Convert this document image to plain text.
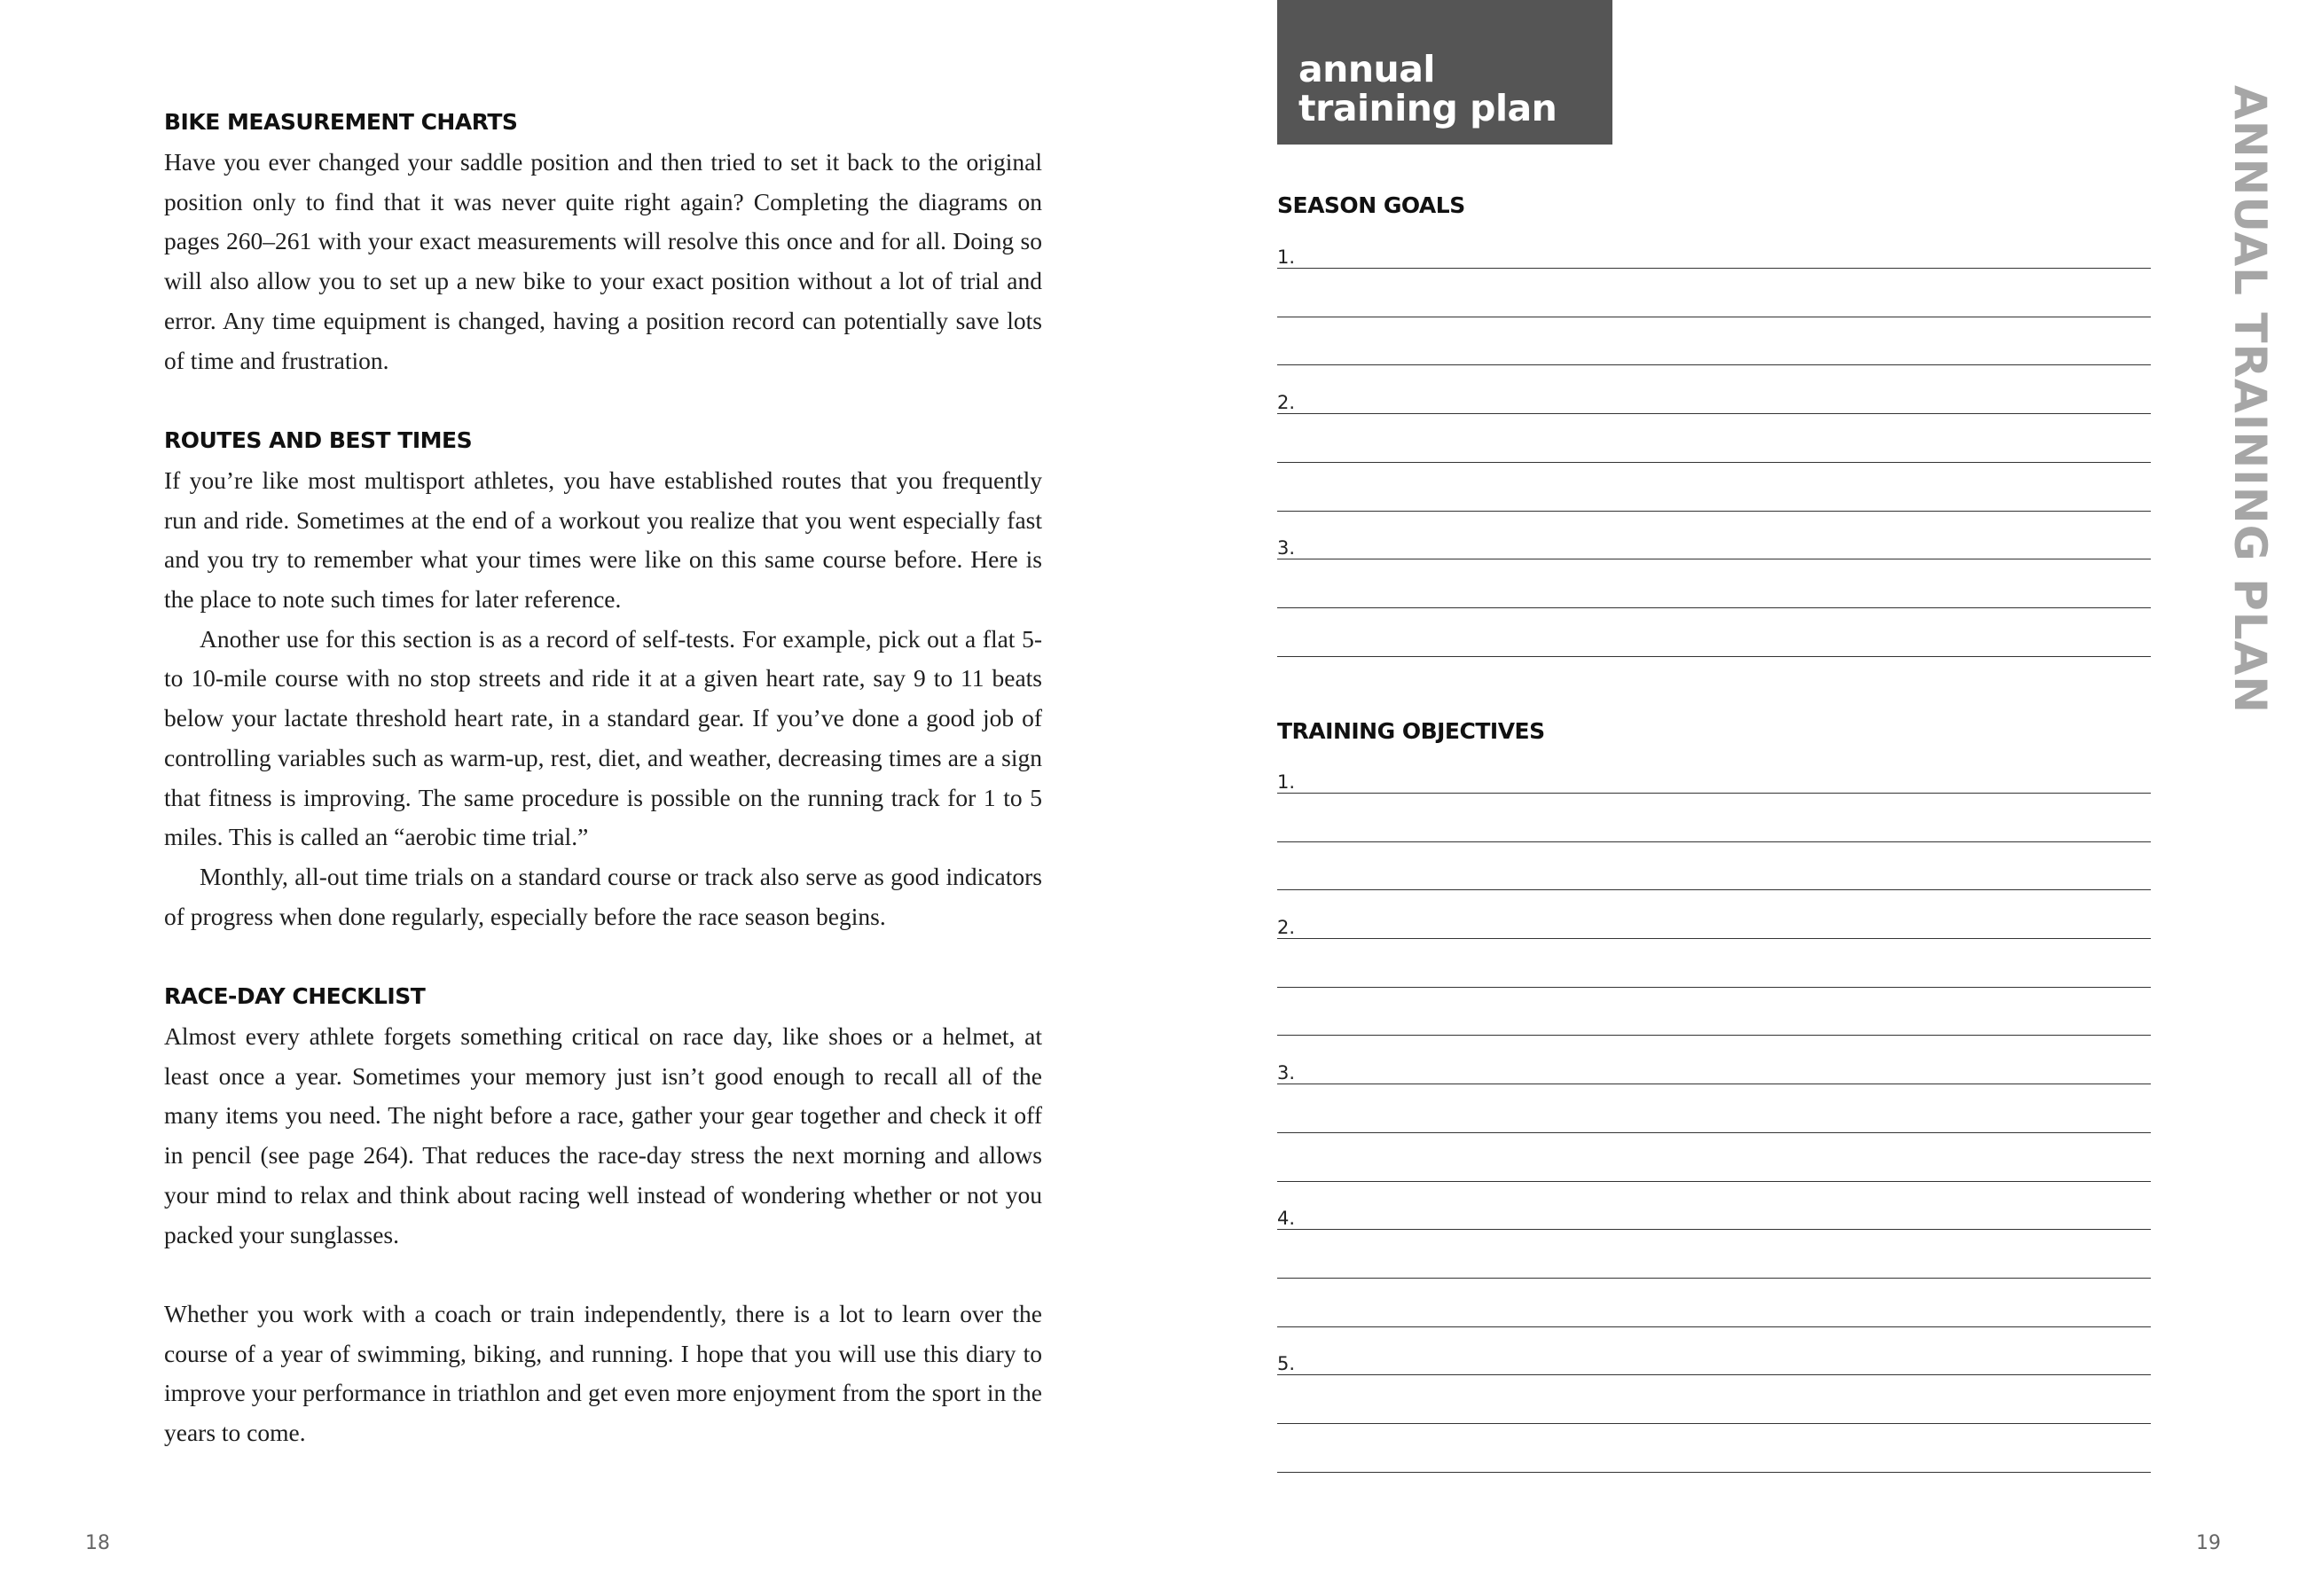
BIKE MEASUREMENT CHARTS

Have you ever changed your saddle position and then tried to set it back to the original position only to find that it was never quite right again? Completing the diagrams on pages 260–261 with your exact measurements will resolve this once and for all. Doing so will also allow you to set up a new bike to your exact position without a lot of trial and error. Any time equipment is changed, having a position record can potentially save lots of time and frustration.

ROUTES AND BEST TIMES

If you’re like most multisport athletes, you have established routes that you frequently run and ride. Sometimes at the end of a workout you realize that you went especially fast and you try to remember what your times were like on this same course before. Here is the place to note such times for later reference.

Another use for this section is as a record of self-tests. For example, pick out a flat 5- to 10-mile course with no stop streets and ride it at a given heart rate, say 9 to 11 beats below your lactate threshold heart rate, in a standard gear. If you’ve done a good job of controlling variables such as warm-up, rest, diet, and weather, decreasing times are a sign that fitness is improving. The same procedure is possible on the running track for 1 to 5 miles. This is called an “aerobic time trial.”

Monthly, all-out time trials on a standard course or track also serve as good indicators of progress when done regularly, especially before the race season begins.

RACE-DAY CHECKLIST

Almost every athlete forgets something critical on race day, like shoes or a helmet, at least once a year. Sometimes your memory just isn’t good enough to recall all of the many items you need. The night before a race, gather your gear together and check it off in pencil (see page 264). That reduces the race-day stress the next morning and allows your mind to relax and think about racing well instead of wondering whether or not you packed your sunglasses.

Whether you work with a coach or train independently, there is a lot to learn over the course of a year of swimming, biking, and running. I hope that you will use this diary to improve your performance in triathlon and get even more enjoyment from the sport in the years to come.

18
annual
training plan
SEASON GOALS
1.
2.
3.
TRAINING OBJECTIVES
1.
2.
3.
4.
5.
ANNUAL TRAINING PLAN
19
